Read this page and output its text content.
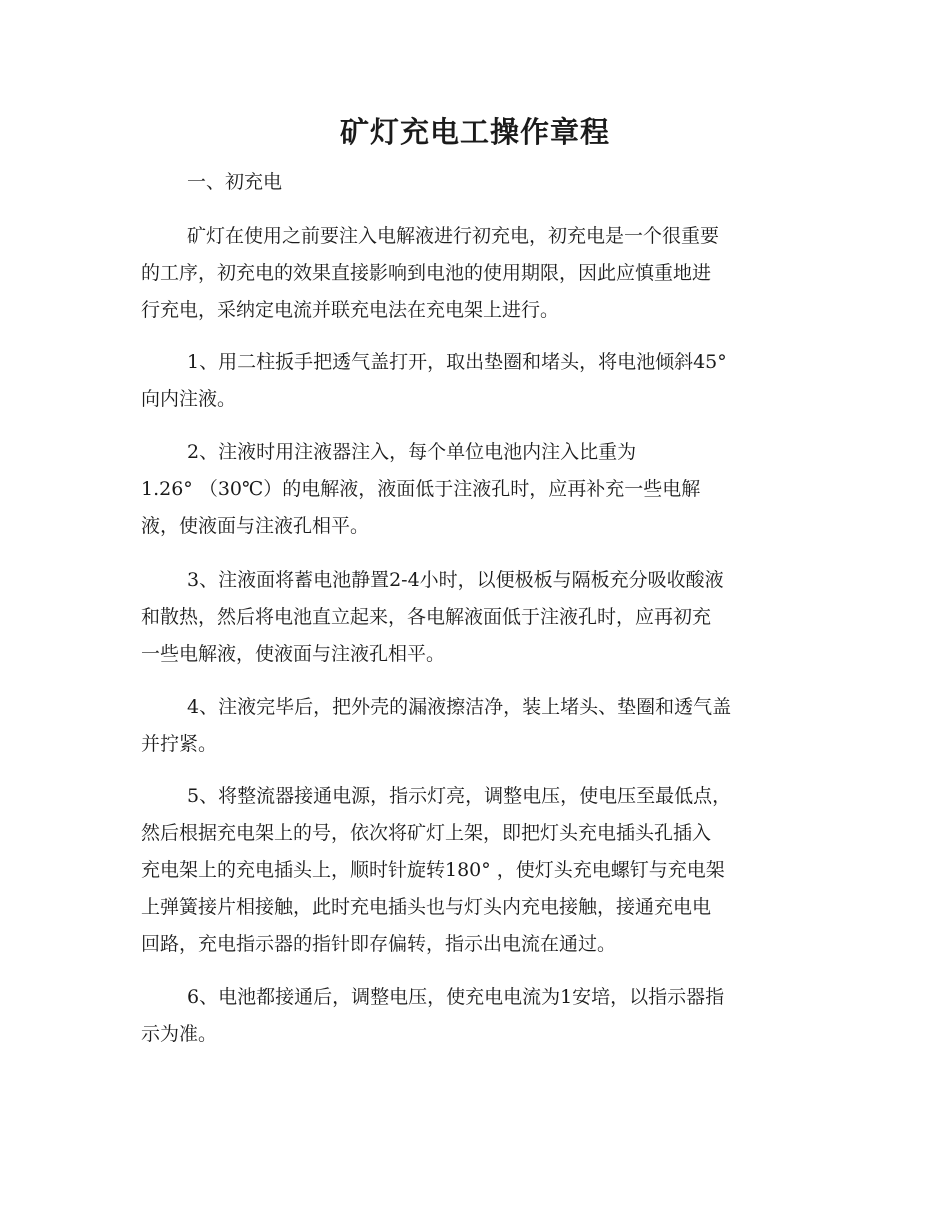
矿灯充电工操作章程
一、初充电
矿灯在使用之前要注入电解液进行初充电，初充电是一个很重要
的工序，初充电的效果直接影响到电池的使用期限，因此应慎重地进
行充电，采纳定电流并联充电法在充电架上进行。
1、用二柱扳手把透气盖打开，取出垫圈和堵头，将电池倾斜45°
向内注液。
2、注液时用注液器注入，每个单位电池内注入比重为
1.26° （30℃）的电解液，液面低于注液孔时，应再补充一些电解
液，使液面与注液孔相平。
3、注液面将蓄电池静置2-4小时，以便极板与隔板充分吸收酸液
和散热，然后将电池直立起来，各电解液面低于注液孔时，应再初充
一些电解液，使液面与注液孔相平。
4、注液完毕后，把外壳的漏液擦洁净，装上堵头、垫圈和透气盖
并拧紧。
5、将整流器接通电源，指示灯亮，调整电压，使电压至最低点，
然后根据充电架上的号，依次将矿灯上架，即把灯头充电插头孔插入
充电架上的充电插头上，顺时针旋转180° ，使灯头充电螺钉与充电架
上弹簧接片相接触，此时充电插头也与灯头内充电接触，接通充电电
回路，充电指示器的指针即存偏转，指示出电流在通过。
6、电池都接通后，调整电压，使充电电流为1安培，以指示器指
示为准。
